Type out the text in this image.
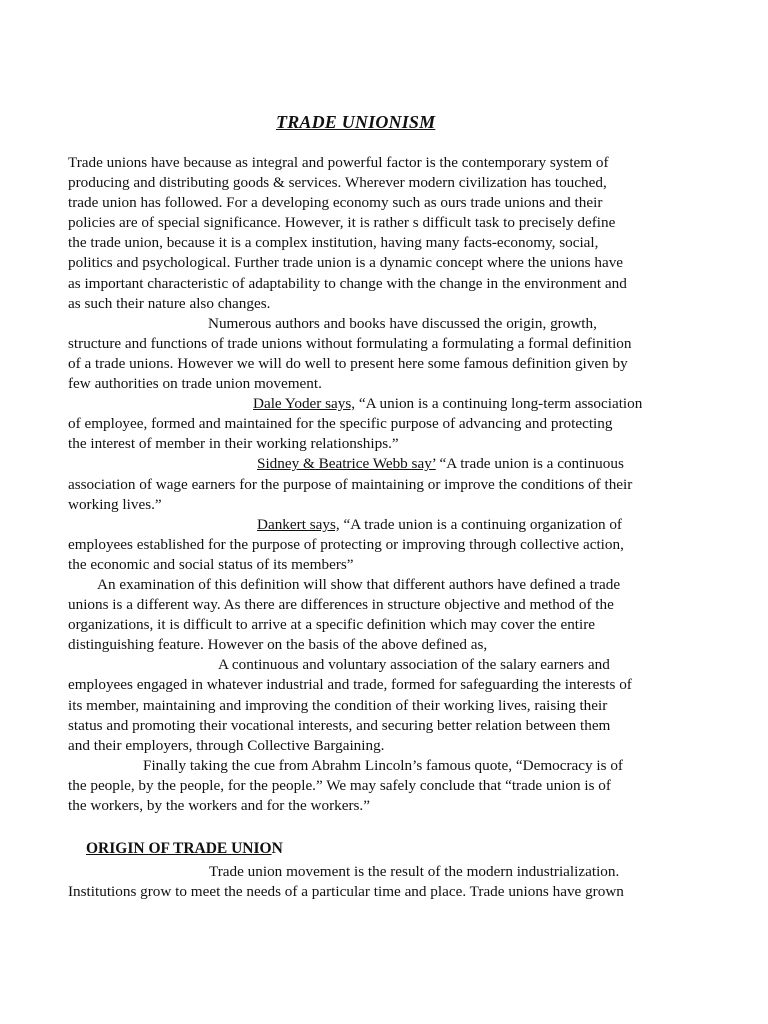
TRADE UNIONISM
Trade unions have because as integral and powerful factor is the contemporary system of
producing and distributing goods & services. Wherever modern civilization has touched,
trade union has followed. For a developing economy such as ours trade unions and their
policies are of special significance. However, it is rather s difficult task to precisely define
the trade union, because it is a complex institution, having many facts-economy, social,
politics and psychological. Further trade union is a dynamic concept where the unions have
as important characteristic of adaptability to change with the change in the environment and
as such their nature also changes.
Numerous authors and books have discussed the origin, growth,
structure and functions of trade unions without formulating a formulating a formal definition
of a trade unions. However we will do well to present here some famous definition given by
few authorities on trade union movement.
Dale Yoder says, “A union is a continuing long-term association
of employee, formed and maintained for the specific purpose of advancing and protecting
the interest of member in their working relationships.”
Sidney & Beatrice Webb say’ “A trade union is a continuous
association of wage earners for the purpose of maintaining or improve the conditions of their
working lives.”
Dankert says, “A trade union is a continuing organization of
employees established for the purpose of protecting or improving through collective action,
the economic and social status of its members”
An examination of this definition will show that different authors have defined a trade
unions is a different way. As there are differences in structure objective and method of the
organizations, it is difficult to arrive at a specific definition which may cover the entire
distinguishing feature. However on the basis of the above defined as,
A continuous and voluntary association of the salary earners and
employees engaged in whatever industrial and trade, formed for safeguarding the interests of
its member, maintaining and improving the condition of their working lives, raising their
status and promoting their vocational interests, and securing better relation between them
and their employers, through Collective Bargaining.
Finally taking the cue from Abrahm Lincoln’s famous quote, “Democracy is of
the people, by the people, for the people.” We may safely conclude that “trade union is of
the workers, by the workers and for the workers.”
ORIGIN OF TRADE UNION
Trade union movement is the result of the modern industrialization.
Institutions grow to meet the needs of a particular time and place. Trade unions have grown
